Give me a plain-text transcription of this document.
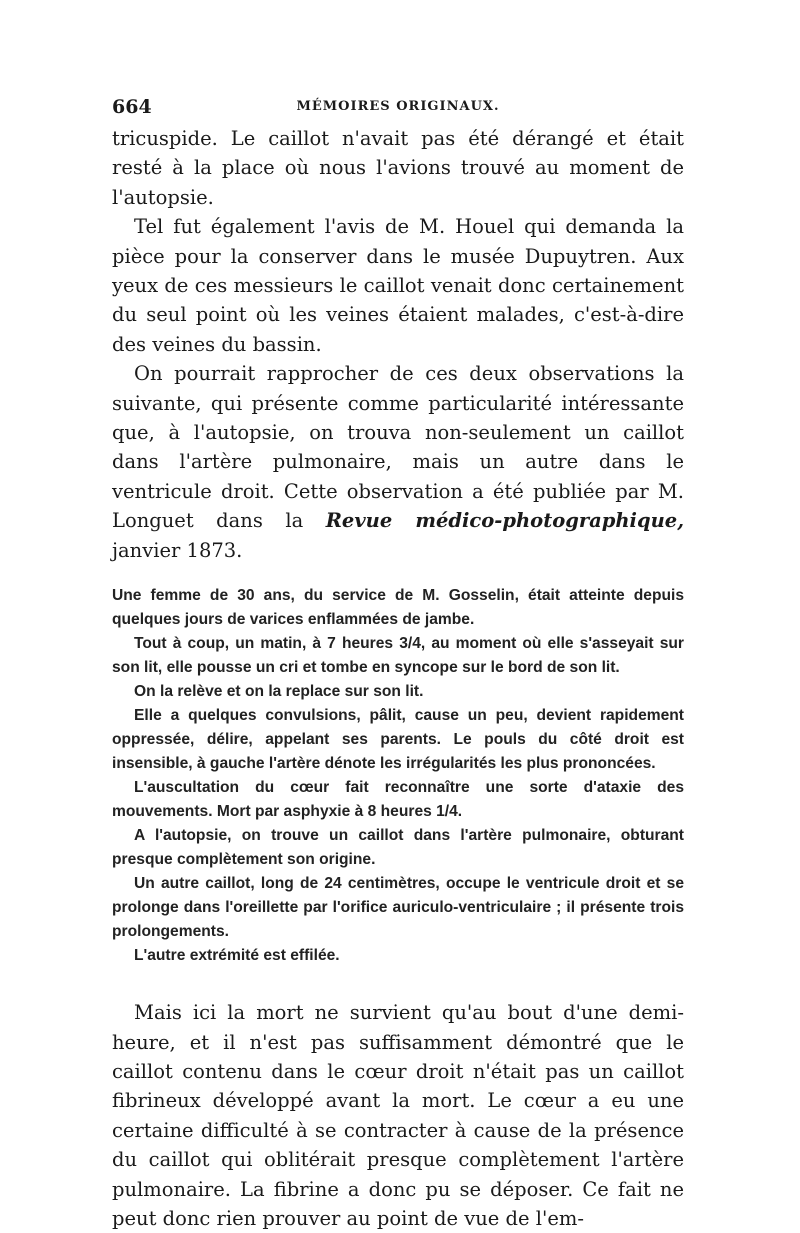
664	MÉMOIRES ORIGINAUX.

tricuspide. Le caillot n'avait pas été dérangé et était resté à la place où nous l'avions trouvé au moment de l'autopsie.

Tel fut également l'avis de M. Houel qui demanda la pièce pour la conserver dans le musée Dupuytren. Aux yeux de ces messieurs le caillot venait donc certainement du seul point où les veines étaient malades, c'est-à-dire des veines du bassin.

On pourrait rapprocher de ces deux observations la suivante, qui présente comme particularité intéressante que, à l'autopsie, on trouva non-seulement un caillot dans l'artère pulmonaire, mais un autre dans le ventricule droit. Cette observation a été publiée par M. Longuet dans la Revue médico-photographique, janvier 1873.

Une femme de 30 ans, du service de M. Gosselin, était atteinte depuis quelques jours de varices enflammées de jambe.

Tout à coup, un matin, à 7 heures 3/4, au moment où elle s'asseyait sur son lit, elle pousse un cri et tombe en syncope sur le bord de son lit.

On la relève et on la replace sur son lit.

Elle a quelques convulsions, pâlit, cause un peu, devient rapidement oppressée, délire, appelant ses parents. Le pouls du côté droit est insensible, à gauche l'artère dénote les irrégularités les plus prononcées.

L'auscultation du cœur fait reconnaître une sorte d'ataxie des mouvements. Mort par asphyxie à 8 heures 1/4.

A l'autopsie, on trouve un caillot dans l'artère pulmonaire, obturant presque complètement son origine.

Un autre caillot, long de 24 centimètres, occupe le ventricule droit et se prolonge dans l'oreillette par l'orifice auriculo-ventriculaire ; il présente trois prolongements.

L'autre extrémité est effilée.

Mais ici la mort ne survient qu'au bout d'une demi-heure, et il n'est pas suffisamment démontré que le caillot contenu dans le cœur droit n'était pas un caillot fibrineux développé avant la mort. Le cœur a eu une certaine difficulté à se contracter à cause de la présence du caillot qui oblitérait presque complètement l'artère pulmonaire. La fibrine a donc pu se déposer. Ce fait ne peut donc rien prouver au point de vue de l'em-
